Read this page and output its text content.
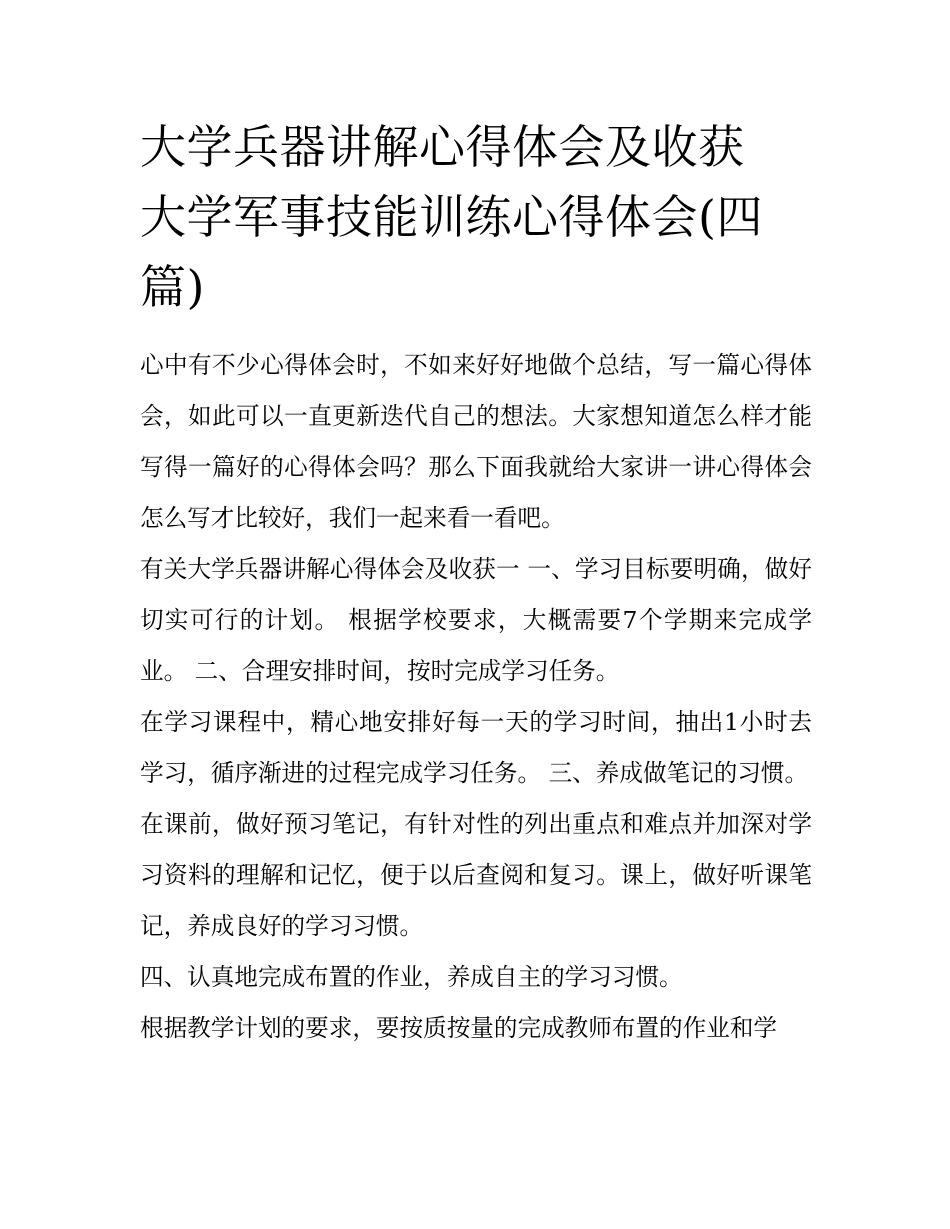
大学兵器讲解心得体会及收获
大学军事技能训练心得体会(四
篇)

心中有不少心得体会时，不如来好好地做个总结，写一篇心得体会，如此可以一直更新迭代自己的想法。大家想知道怎么样才能写得一篇好的心得体会吗？那么下面我就给大家讲一讲心得体会怎么写才比较好，我们一起来看一看吧。

有关大学兵器讲解心得体会及收获一 一、学习目标要明确，做好切实可行的计划。 根据学校要求，大概需要7个学期来完成学业。 二、合理安排时间，按时完成学习任务。

在学习课程中，精心地安排好每一天的学习时间，抽出1小时去学习，循序渐进的过程完成学习任务。 三、养成做笔记的习惯。

在课前，做好预习笔记，有针对性的列出重点和难点并加深对学习资料的理解和记忆，便于以后查阅和复习。课上，做好听课笔记，养成良好的学习习惯。

四、认真地完成布置的作业，养成自主的学习习惯。

根据教学计划的要求，要按质按量的完成教师布置的作业和学
